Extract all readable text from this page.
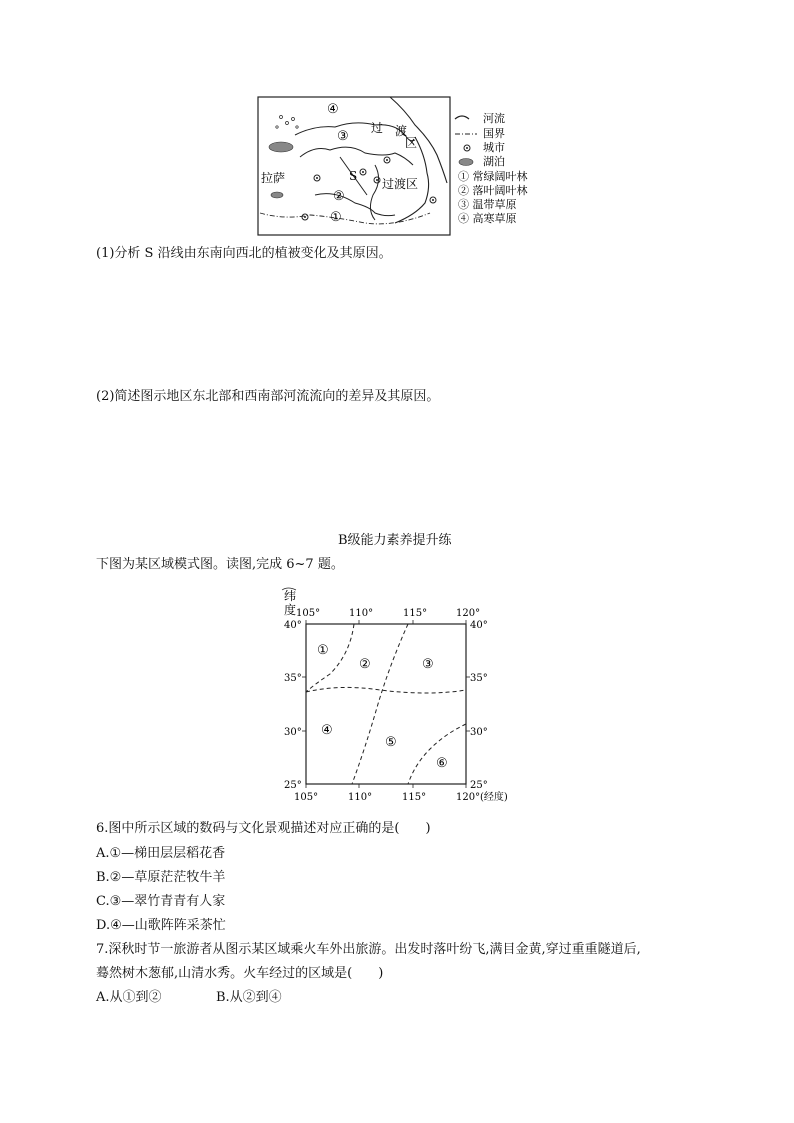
④
③
②
①
过 渡
区
过渡区
拉萨	S
河流
国界
城市
湖泊
① 常绿阔叶林
② 落叶阔叶林
③ 温带草原
④ 高寒草原
(1)分析 S 沿线由东南向西北的植被变化及其原因。
(2)简述图示地区东北部和西南部河流流向的差异及其原因。
B级能力素养提升练
下图为某区域模式图。读图,完成 6~7 题。
纬
度 105°	110°	115°	120°
105°	110°	115°	120° (经度)
40°
35°
30°
25°
40°
35°
30°
25°
①
②	③
④
⑤
⑥
6.图中所示区域的数码与文化景观描述对应正确的是(　　)
A.①—梯田层层稻花香
B.②—草原茫茫牧牛羊
C.③—翠竹青青有人家
D.④—山歌阵阵采茶忙
7.深秋时节一旅游者从图示某区域乘火车外出旅游。出发时落叶纷飞,满目金黄,穿过重重隧道后,
蓦然树木葱郁,山清水秀。火车经过的区域是(　　)
A.从①到②	B.从②到④
